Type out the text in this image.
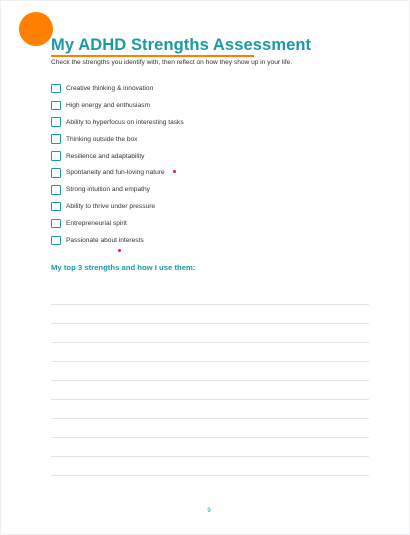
My ADHD Strengths Assessment
Check the strengths you identify with, then reflect on how they show up in your life.
Creative thinking & innovation
High energy and enthusiasm
Ability to hyperfocus on interesting tasks
Thinking outside the box
Resilience and adaptability
Spontaneity and fun-loving nature
Strong intuition and empathy
Ability to thrive under pressure
Entrepreneurial spirit
Passionate about interests
My top 3 strengths and how I use them:
9
